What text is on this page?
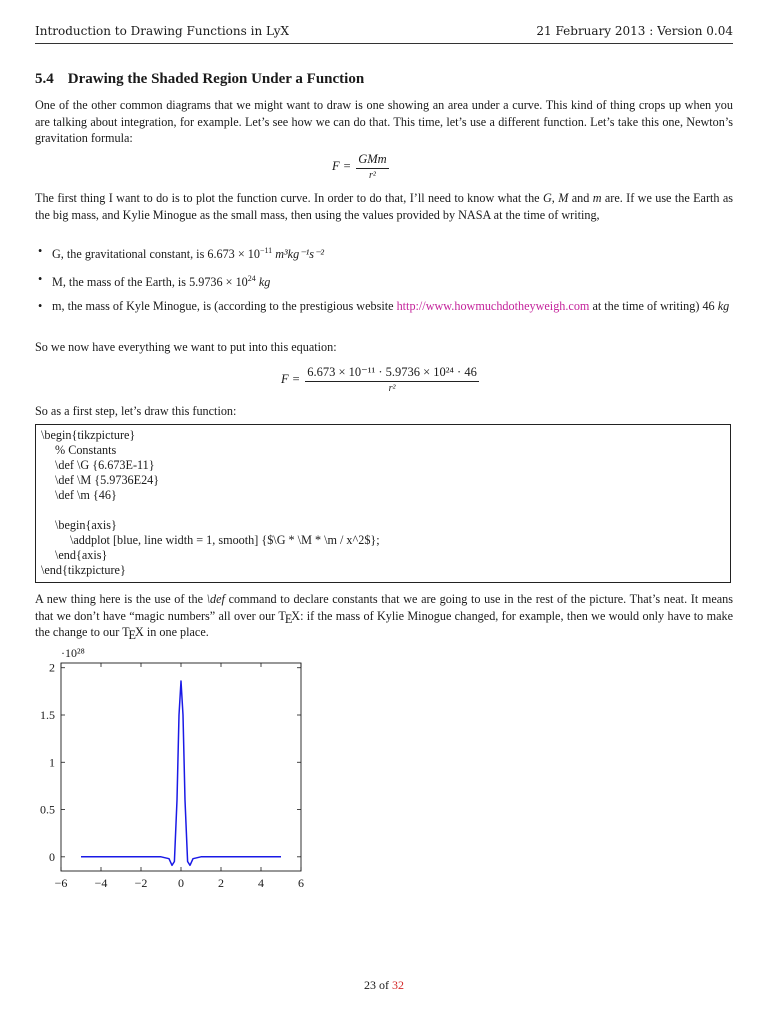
Introduction to Drawing Functions in LyX	21 February 2013 : Version 0.04
5.4 Drawing the Shaded Region Under a Function

One of the other common diagrams that we might want to draw is one showing an area under a curve. This kind of thing crops up when you are talking about integration, for example. Let’s see how we can do that. This time, let’s use a different function. Let’s take this one, Newton’s gravitation formula:

$F = \frac{\text{GMm}}{\text{r²}}$

The first thing I want to do is to plot the function curve. In order to do that, I’ll need to know what the G, M and m are. If we use the Earth as the big mass, and Kylie Minogue as the small mass, then using the values provided by NASA at the time of writing,

• G, the gravitational constant, is $6.673 \times 10^{-11}$ m³kg⁻¹s⁻²
• M, the mass of the Earth, is $5.9736 \times 10^{24}$ kg
• m, the mass of Kyle Minogue, is (according to the prestigious website http://www.howmuchdotheyweigh.com at the time of writing) 46 kg

So we now have everything we want to put into this equation:

$F = \frac{\text{6.673 × 10⁻¹¹ · 5.9736 × 10²⁴ · 46}}{\text{r²}}$

So as a first step, let’s draw this function:

\begin{tikzpicture}
% Constants
\def \G {6.673E-11}
\def \M {5.9736E24}
\def \m {46}
\begin{axis}
\addplot [blue, line width = 1, smooth] {$\G * \M * \m / x^2$};
\end{axis}
\end{tikzpicture}

A new thing here is the use of the \def command to declare constants that we are going to use in the rest of the picture. That’s neat. It means that we don’t have “magic numbers” all over our TEX: if the mass of Kylie Minogue changed, for example, then we would only have to make the change to our TEX in one place.

·10²⁸
−6 −4 −2	0	2	4	6
0
0.5
1
1.5
2
23 of 32
